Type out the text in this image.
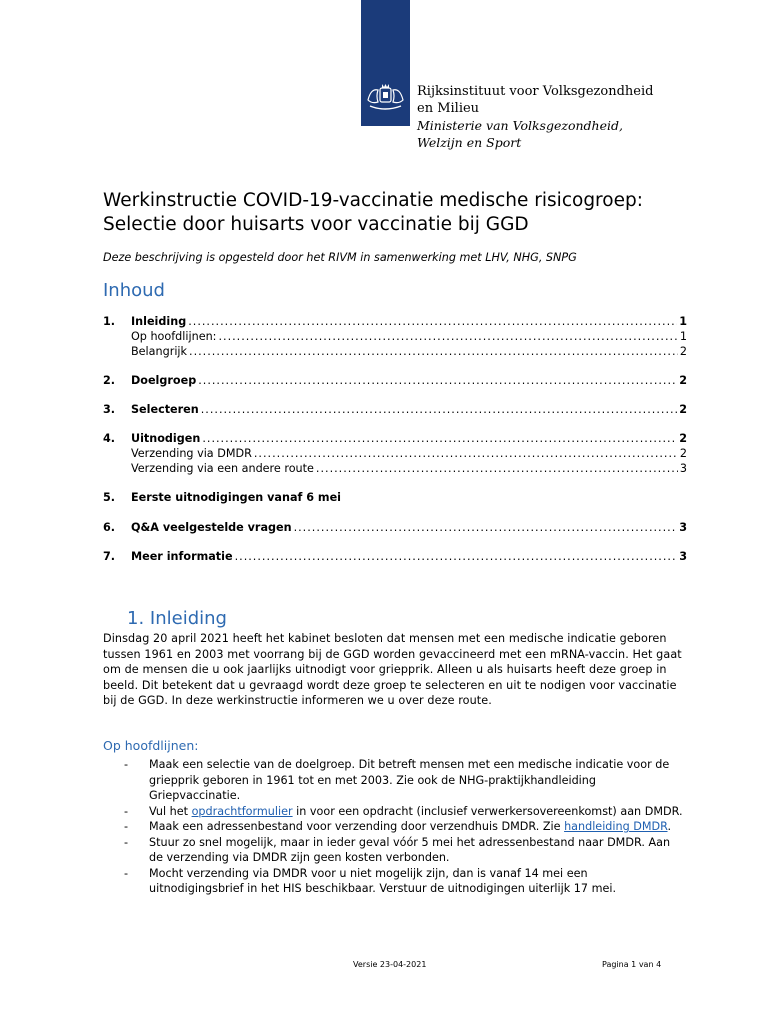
Rijksinstituut voor Volksgezondheid
en Milieu
Ministerie van Volksgezondheid,
Welzijn en Sport
Werkinstructie COVID-19-vaccinatie medische risicogroep:
Selectie door huisarts voor vaccinatie bij GGD

Deze beschrijving is opgesteld door het RIVM in samenwerking met LHV, NHG, SNPG

Inhoud
1.	Inleiding .....	1
Op hoofdlijnen: .....	1
Belangrijk .....	2
2.	Doelgroep .....	2
3.	Selecteren .....	2
4.	Uitnodigen .....	2
Verzending via DMDR .....	2
Verzending via een andere route .....	3
5.	Eerste uitnodigingen vanaf 6 mei
6.	Q&A veelgestelde vragen .....	3
7.	Meer informatie .....	3
1. Inleiding

Dinsdag 20 april 2021 heeft het kabinet besloten dat mensen met een medische indicatie geboren tussen 1961 en 2003 met voorrang bij de GGD worden gevaccineerd met een mRNA-vaccin. Het gaat om de mensen die u ook jaarlijks uitnodigt voor griepprik. Alleen u als huisarts heeft deze groep in beeld. Dit betekent dat u gevraagd wordt deze groep te selecteren en uit te nodigen voor vaccinatie bij de GGD. In deze werkinstructie informeren we u over deze route.

Op hoofdlijnen:
- Maak een selectie van de doelgroep. Dit betreft mensen met een medische indicatie voor de griepprik geboren in 1961 tot en met 2003. Zie ook de NHG-praktijkhandleiding Griepvaccinatie.
- Vul het opdrachtformulier in voor een opdracht (inclusief verwerkersovereenkomst) aan DMDR.
- Maak een adressenbestand voor verzending door verzendhuis DMDR. Zie handleiding DMDR.
- Stuur zo snel mogelijk, maar in ieder geval vóór 5 mei het adressenbestand naar DMDR. Aan de verzending via DMDR zijn geen kosten verbonden.
- Mocht verzending via DMDR voor u niet mogelijk zijn, dan is vanaf 14 mei een uitnodigingsbrief in het HIS beschikbaar. Verstuur de uitnodigingen uiterlijk 17 mei.
Versie 23-04-2021	Pagina 1 van 4
